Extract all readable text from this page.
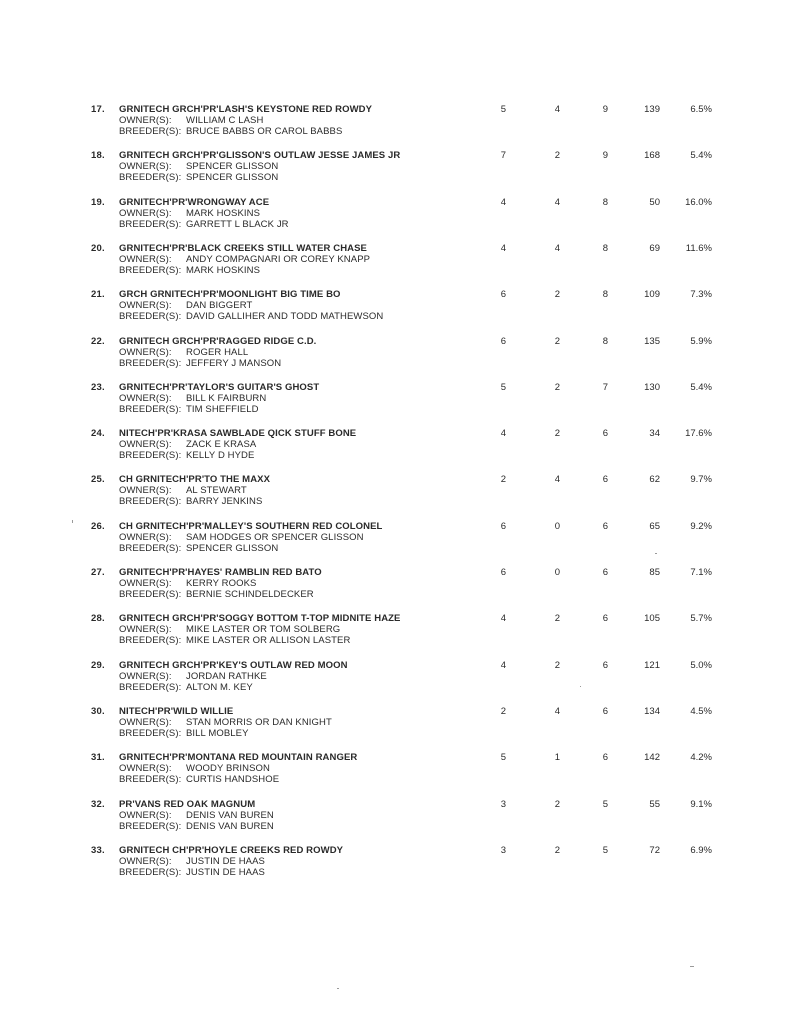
17.	GRNITECH GRCH'PR'LASH'S KEYSTONE RED ROWDY
OWNER(S): WILLIAM C LASH
BREEDER(S): BRUCE BABBS OR CAROL BABBS
5	4	9	139	6.5%
18.	GRNITECH GRCH'PR'GLISSON'S OUTLAW JESSE JAMES JR
OWNER(S): SPENCER GLISSON
BREEDER(S): SPENCER GLISSON
7	2	9	168	5.4%
19.	GRNITECH'PR'WRONGWAY ACE
OWNER(S): MARK HOSKINS
BREEDER(S): GARRETT L BLACK JR
4	4	8	50	16.0%
20.	GRNITECH'PR'BLACK CREEKS STILL WATER CHASE
OWNER(S): ANDY COMPAGNARI OR COREY KNAPP
BREEDER(S): MARK HOSKINS
4	4	8	69	11.6%
21.	GRCH GRNITECH'PR'MOONLIGHT BIG TIME BO
OWNER(S): DAN BIGGERT
BREEDER(S): DAVID GALLIHER AND TODD MATHEWSON
6	2	8	109	7.3%
22.	GRNITECH GRCH'PR'RAGGED RIDGE C.D.
OWNER(S): ROGER HALL
BREEDER(S): JEFFERY J MANSON
6	2	8	135	5.9%
23.	GRNITECH'PR'TAYLOR'S GUITAR'S GHOST
OWNER(S): BILL K FAIRBURN
BREEDER(S): TIM SHEFFIELD
5	2	7	130	5.4%
24.	NITECH'PR'KRASA SAWBLADE QICK STUFF BONE
OWNER(S): ZACK E KRASA
BREEDER(S): KELLY D HYDE
4	2	6	34	17.6%
25.	CH GRNITECH'PR'TO THE MAXX
OWNER(S): AL STEWART
BREEDER(S): BARRY JENKINS
2	4	6	62	9.7%
26.	CH GRNITECH'PR'MALLEY'S SOUTHERN RED COLONEL
OWNER(S): SAM HODGES OR SPENCER GLISSON
BREEDER(S): SPENCER GLISSON
6	0	6	65	9.2%
27.	GRNITECH'PR'HAYES' RAMBLIN RED BATO
OWNER(S): KERRY ROOKS
BREEDER(S): BERNIE SCHINDELDECKER
6	0	6	85	7.1%
28.	GRNITECH GRCH'PR'SOGGY BOTTOM T-TOP MIDNITE HAZE
OWNER(S): MIKE LASTER OR TOM SOLBERG
BREEDER(S): MIKE LASTER OR ALLISON LASTER
4	2	6	105	5.7%
29.	GRNITECH GRCH'PR'KEY'S OUTLAW RED MOON
OWNER(S): JORDAN RATHKE
BREEDER(S): ALTON M. KEY
4	2	6	121	5.0%
30.	NITECH'PR'WILD WILLIE
OWNER(S): STAN MORRIS OR DAN KNIGHT
BREEDER(S): BILL MOBLEY
2	4	6	134	4.5%
31.	GRNITECH'PR'MONTANA RED MOUNTAIN RANGER
OWNER(S): WOODY BRINSON
BREEDER(S): CURTIS HANDSHOE
5	1	6	142	4.2%
32.	PR'VANS RED OAK MAGNUM
OWNER(S): DENIS VAN BUREN
BREEDER(S): DENIS VAN BUREN
3	2	5	55	9.1%
33.	GRNITECH CH'PR'HOYLE CREEKS RED ROWDY
OWNER(S): JUSTIN DE HAAS
BREEDER(S): JUSTIN DE HAAS
3	2	5	72	6.9%
